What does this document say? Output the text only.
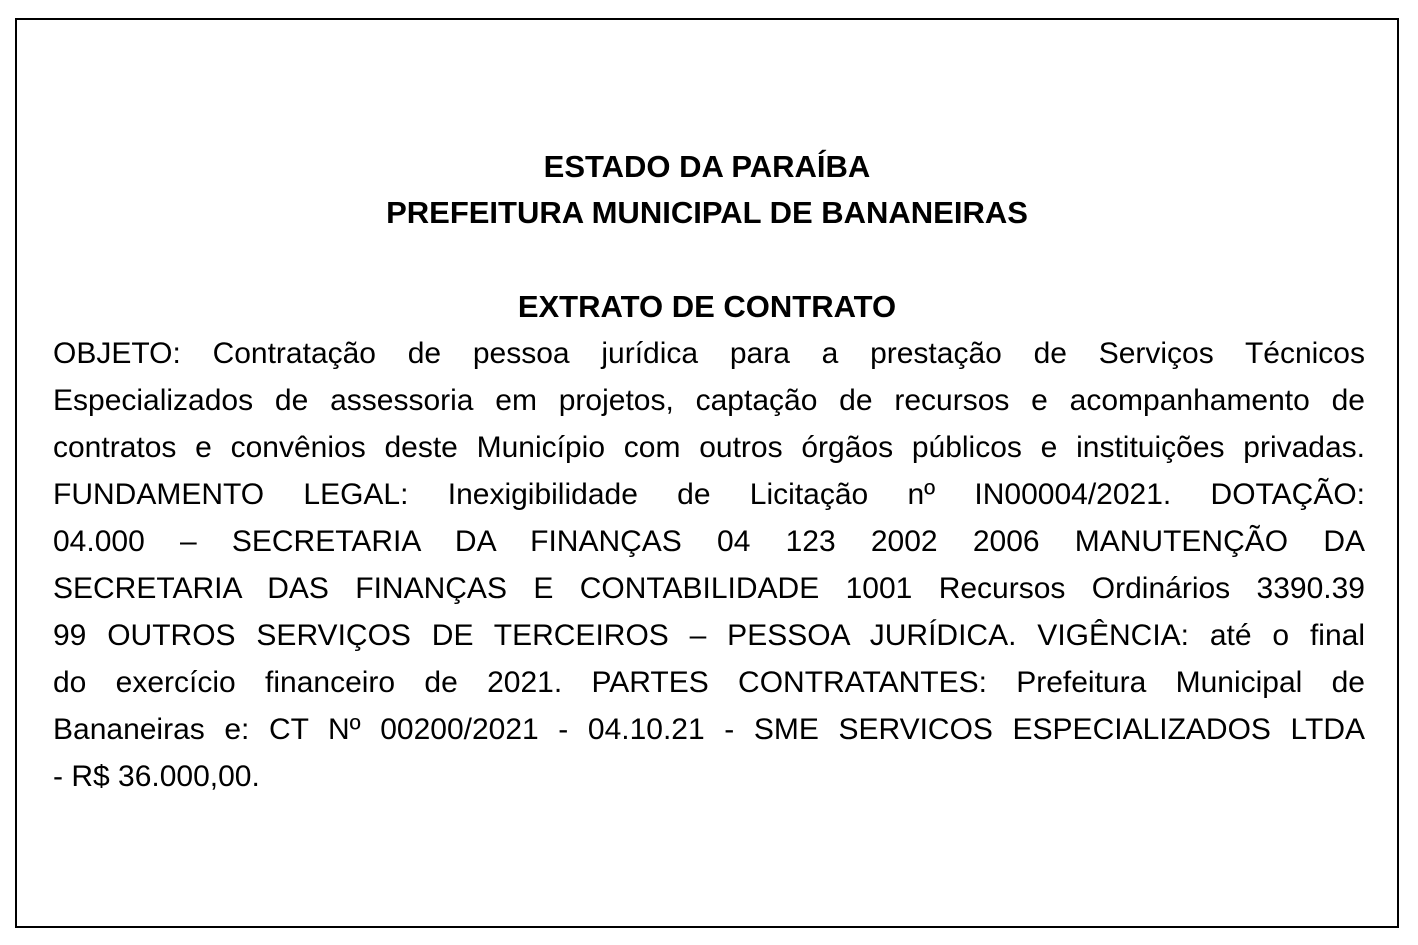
ESTADO DA PARAÍBA
PREFEITURA MUNICIPAL DE BANANEIRAS
EXTRATO DE CONTRATO
OBJETO: Contratação de pessoa jurídica para a prestação de Serviços Técnicos
Especializados de assessoria em projetos, captação de recursos e acompanhamento de
contratos e convênios deste Município com outros órgãos públicos e instituições privadas.
FUNDAMENTO LEGAL: Inexigibilidade de Licitação nº IN00004/2021. DOTAÇÃO:
04.000 – SECRETARIA DA FINANÇAS 04 123 2002 2006 MANUTENÇÃO DA
SECRETARIA DAS FINANÇAS E CONTABILIDADE 1001 Recursos Ordinários 3390.39
99 OUTROS SERVIÇOS DE TERCEIROS – PESSOA JURÍDICA. VIGÊNCIA: até o final
do exercício financeiro de 2021. PARTES CONTRATANTES: Prefeitura Municipal de
Bananeiras e: CT Nº 00200/2021 - 04.10.21 - SME SERVICOS ESPECIALIZADOS LTDA
- R$ 36.000,00.
